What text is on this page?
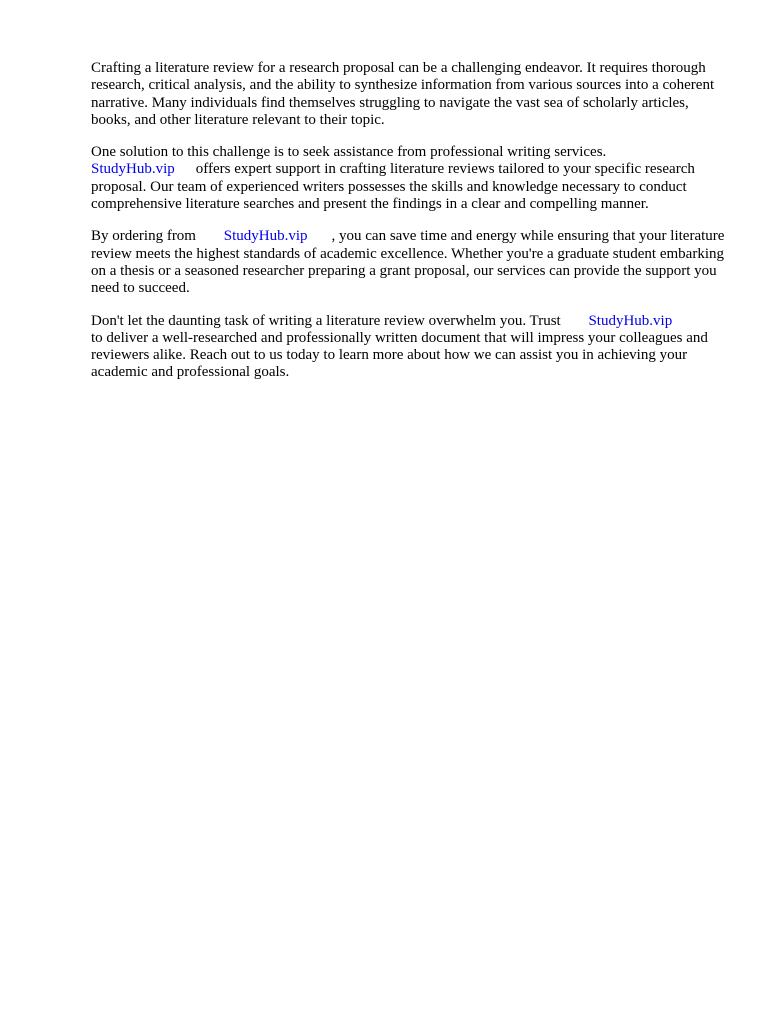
Crafting a literature review for a research proposal can be a challenging endeavor. It requires thorough research, critical analysis, and the ability to synthesize information from various sources into a coherent narrative. Many individuals find themselves struggling to navigate the vast sea of scholarly articles, books, and other literature relevant to their topic.

One solution to this challenge is to seek assistance from professional writing services.
StudyHub.vip offers expert support in crafting literature reviews tailored to your specific research proposal. Our team of experienced writers possesses the skills and knowledge necessary to conduct comprehensive literature searches and present the findings in a clear and compelling manner.

By ordering from StudyHub.vip , you can save time and energy while ensuring that your literature review meets the highest standards of academic excellence. Whether you're a graduate student embarking on a thesis or a seasoned researcher preparing a grant proposal, our services can provide the support you need to succeed.

Don't let the daunting task of writing a literature review overwhelm you. Trust StudyHub.vip
to deliver a well-researched and professionally written document that will impress your colleagues and reviewers alike. Reach out to us today to learn more about how we can assist you in achieving your academic and professional goals.
